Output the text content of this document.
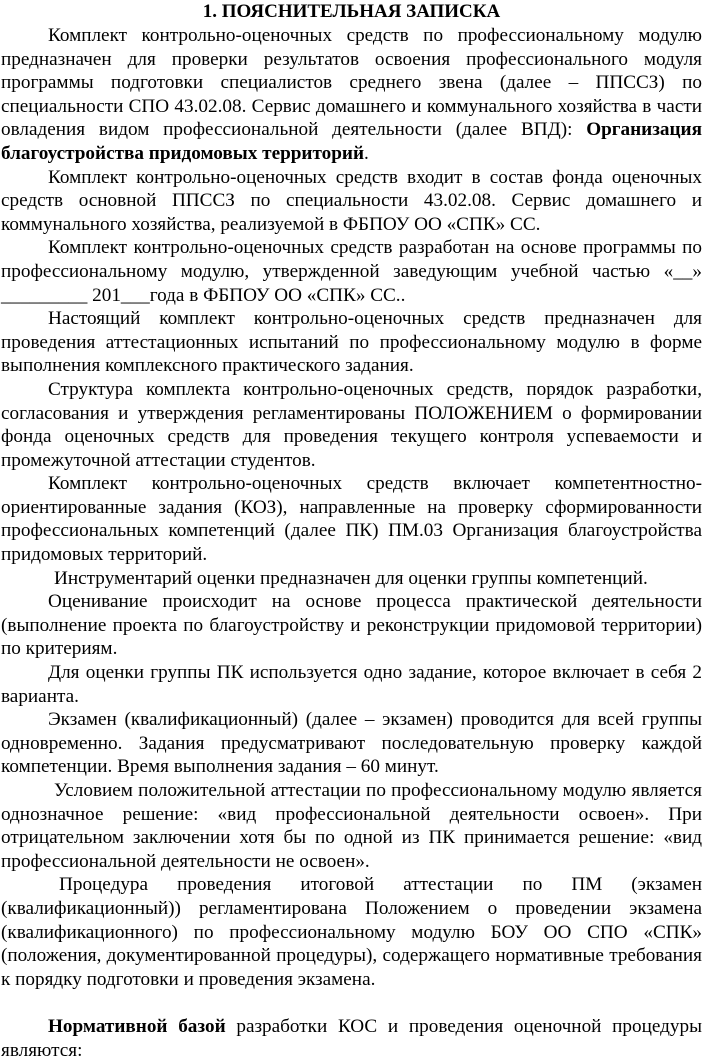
1. ПОЯСНИТЕЛЬНАЯ ЗАПИСКА

Комплект контрольно-оценочных средств по профессиональному модулю предназначен для проверки результатов освоения профессионального модуля программы подготовки специалистов среднего звена (далее – ППССЗ) по специальности СПО 43.02.08. Сервис домашнего и коммунального хозяйства в части овладения видом профессиональной деятельности (далее ВПД): Организация благоустройства придомовых территорий.

Комплект контрольно-оценочных средств входит в состав фонда оценочных средств основной ППССЗ по специальности 43.02.08. Сервис домашнего и коммунального хозяйства, реализуемой в ФБПОУ ОО «СПК» СС.

Комплект контрольно-оценочных средств разработан на основе программы по профессиональному модулю, утвержденной заведующим учебной частью «__» _________ 201___года в ФБПОУ ОО «СПК» СС..

Настоящий комплект контрольно-оценочных средств предназначен для проведения аттестационных испытаний по профессиональному модулю в форме выполнения комплексного практического задания.

Структура комплекта контрольно-оценочных средств, порядок разработки, согласования и утверждения регламентированы ПОЛОЖЕНИЕМ о формировании фонда оценочных средств для проведения текущего контроля успеваемости и промежуточной аттестации студентов.

Комплект контрольно-оценочных средств включает компетентностно-ориентированные задания (КОЗ), направленные на проверку сформированности профессиональных компетенций (далее ПК) ПМ.03 Организация благоустройства придомовых территорий.

Инструментарий оценки предназначен для оценки группы компетенций.

Оценивание происходит на основе процесса практической деятельности (выполнение проекта по благоустройству и реконструкции придомовой территории) по критериям.

Для оценки группы ПК используется одно задание, которое включает в себя 2 варианта.

Экзамен (квалификационный) (далее – экзамен) проводится для всей группы одновременно. Задания предусматривают последовательную проверку каждой компетенции. Время выполнения задания – 60 минут.

Условием положительной аттестации по профессиональному модулю является однозначное решение: «вид профессиональной деятельности освоен». При отрицательном заключении хотя бы по одной из ПК принимается решение: «вид профессиональной деятельности не освоен».

Процедура проведения итоговой аттестации по ПМ (экзамен (квалификационный)) регламентирована Положением о проведении экзамена (квалификационного) по профессиональному модулю БОУ ОО СПО «СПК» (положения, документированной процедуры), содержащего нормативные требования к порядку подготовки и проведения экзамена.

Нормативной базой разработки КОС и проведения оценочной процедуры являются:
